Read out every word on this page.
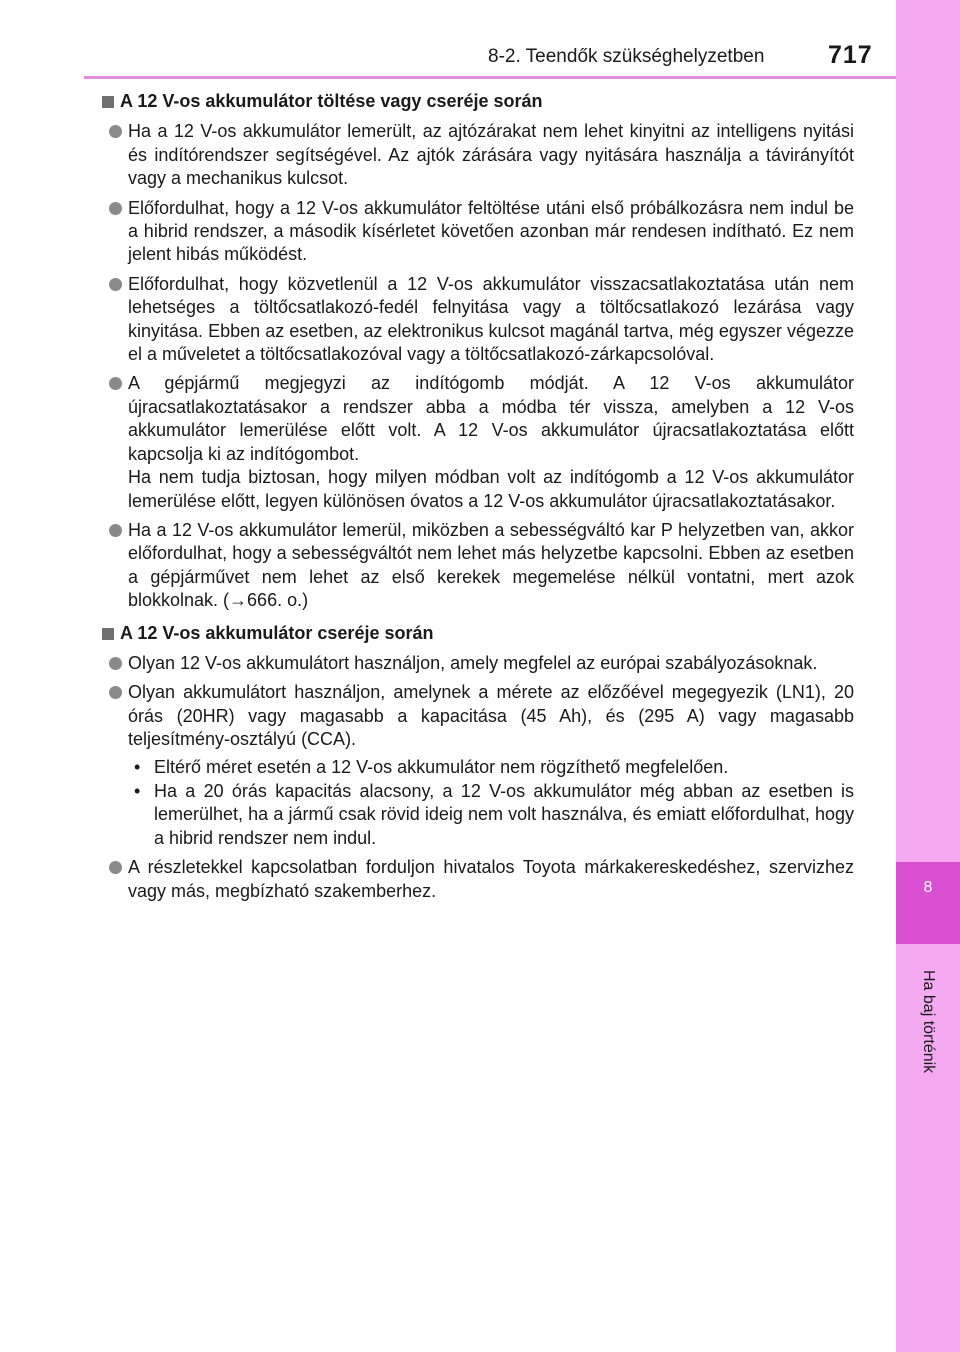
8-2. Teendők szükséghelyzetben	717
8
Ha baj történik
A 12 V-os akkumulátor töltése vagy cseréje során
Ha a 12 V-os akkumulátor lemerült, az ajtózárakat nem lehet kinyitni az intelligens nyitási és indítórendszer segítségével. Az ajtók zárására vagy nyitására használja a távirányítót vagy a mechanikus kulcsot.
Előfordulhat, hogy a 12 V-os akkumulátor feltöltése utáni első próbálkozásra nem indul be a hibrid rendszer, a második kísérletet követően azonban már rendesen indítható. Ez nem jelent hibás működést.
Előfordulhat, hogy közvetlenül a 12 V-os akkumulátor visszacsatlakoztatása után nem lehetséges a töltőcsatlakozó-fedél felnyitása vagy a töltőcsatlakozó lezárása vagy kinyitása. Ebben az esetben, az elektronikus kulcsot magánál tartva, még egyszer végezze el a műveletet a töltőcsatlakozóval vagy a töltőcsatlakozó-zárkapcsolóval.
A gépjármű megjegyzi az indítógomb módját. A 12 V-os akkumulátor újracsatlakoztatásakor a rendszer abba a módba tér vissza, amelyben a 12 V-os akkumulátor lemerülése előtt volt. A 12 V-os akkumulátor újracsatlakoztatása előtt kapcsolja ki az indítógombot.
Ha nem tudja biztosan, hogy milyen módban volt az indítógomb a 12 V-os akkumulátor lemerülése előtt, legyen különösen óvatos a 12 V-os akkumulátor újracsatlakoztatásakor.
Ha a 12 V-os akkumulátor lemerül, miközben a sebességváltó kar P helyzetben van, akkor előfordulhat, hogy a sebességváltót nem lehet más helyzetbe kapcsolni. Ebben az esetben a gépjárművet nem lehet az első kerekek megemelése nélkül vontatni, mert azok blokkolnak. (→666. o.)
A 12 V-os akkumulátor cseréje során
Olyan 12 V-os akkumulátort használjon, amely megfelel az európai szabályozásoknak.
Olyan akkumulátort használjon, amelynek a mérete az előzőével megegyezik (LN1), 20 órás (20HR) vagy magasabb a kapacitása (45 Ah), és (295 A) vagy magasabb teljesítmény-osztályú (CCA).
• Eltérő méret esetén a 12 V-os akkumulátor nem rögzíthető megfelelően.
• Ha a 20 órás kapacitás alacsony, a 12 V-os akkumulátor még abban az esetben is lemerülhet, ha a jármű csak rövid ideig nem volt használva, és emiatt előfordulhat, hogy a hibrid rendszer nem indul.
A részletekkel kapcsolatban forduljon hivatalos Toyota márkakereskedéshez, szervizhez vagy más, megbízható szakemberhez.
